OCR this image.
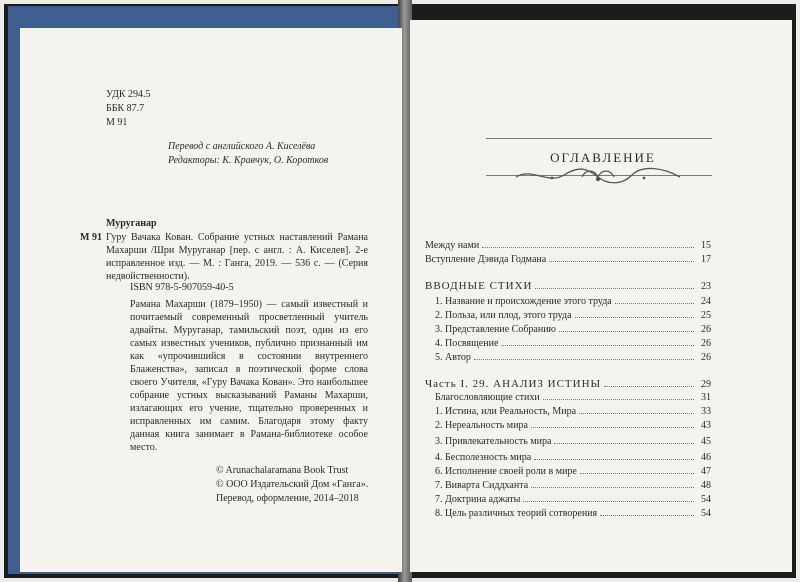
УДК 294.5
ББК 87.7
М 91
Перевод с английского А. Киселёва
Редакторы: К. Кравчук, О. Коротков
Муруганар
М 91 Гуру Вачака Кован. Собрание устных наставлений Рамана Махарши /Шри Муруганар [пер. с англ. : А. Киселев]. 2-е исправленное изд. — М. : Ганга, 2019. — 536 с. — (Серия недвойственности).
ISBN 978-5-907059-40-5
Рамана Махарши (1879–1950) — самый известный и почитаемый современный просветленный учитель адвайты. Муруганар, тамильский поэт, один из его самых известных учеников, публично признанный им как «упрочившийся в состоянии внутреннего Блаженства», записал в поэтической форме слова своего Учителя, «Гуру Вачака Кован». Это наибольшее собрание устных высказываний Раманы Махарши, излагающих его учение, тщательно проверенных и исправленных им самим. Благодаря этому факту данная книга занимает в Рамана-библиотеке особое место.
© Arunachalaramana Book Trust
© ООО Издательский Дом «Ганга».
Перевод, оформление, 2014–2018
ОГЛАВЛЕНИЕ
Между нами	15
Вступление Дэвида Годмана	17
ВВОДНЫЕ СТИХИ	23
1. Название и происхождение этого труда	24
2. Польза, или плод, этого труда	25
3. Представление Собранию	26
4. Посвящение	26
5. Автор	26
Часть I. 29. АНАЛИЗ ИСТИНЫ	29
Благословляющие стихи	31
1. Истина, или Реальность, Мира	33
2. Нереальность мира	43
3. Привлекательность мира	45
4. Бесполезность мира	46
6. Исполнение своей роли в мире	47
7. Виварта Сиддханта	48
7. Доктрина аджаты	54
8. Цель различных теорий сотворения	54
